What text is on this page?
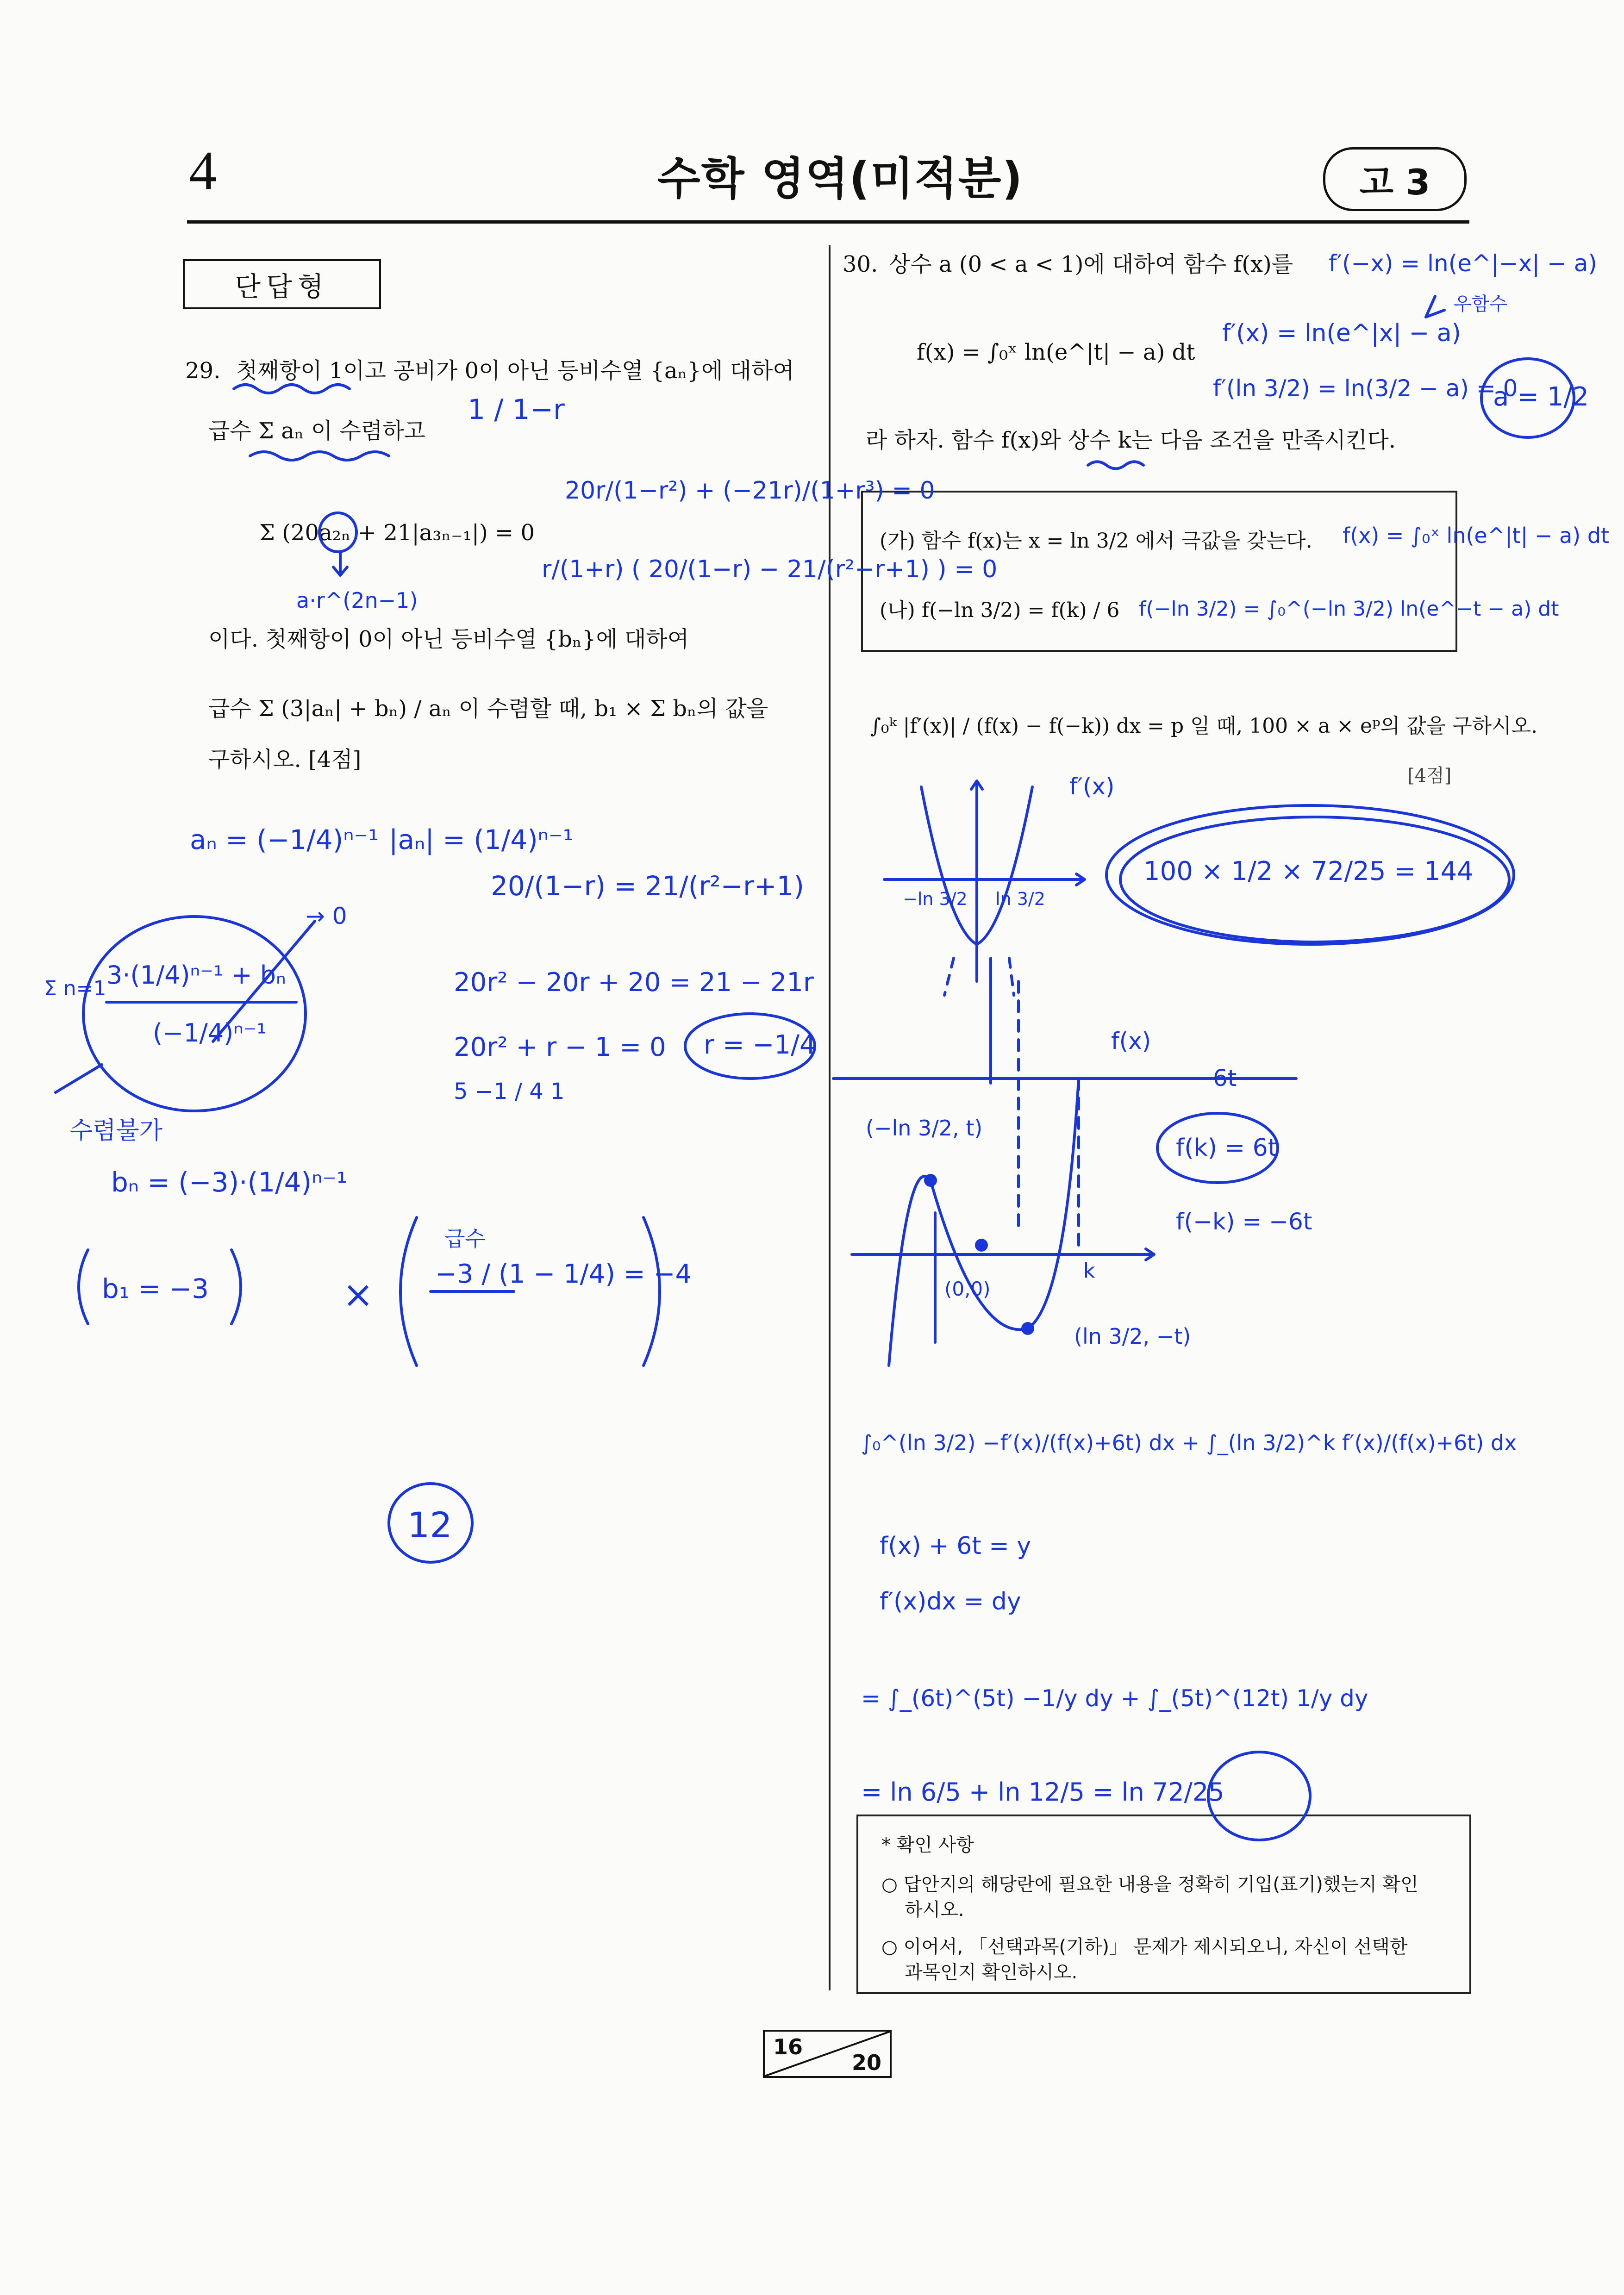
4	수학 영역(미적분)	고 3
단답형
29. 첫째항이 1이고 공비가 0이 아닌 등비수열 {aₙ}에 대하여
급수 Σ aₙ 이 수렴하고
Σ (20a₂ₙ + 21|a₃ₙ₋₁|) = 0
이다. 첫째항이 0이 아닌 등비수열 {bₙ}에 대하여
급수 Σ (3|aₙ| + bₙ) / aₙ 이 수렴할 때, b₁ × Σ bₙ의 값을
구하시오. [4점]
30. 상수 a (0 < a < 1)에 대하여 함수 f(x)를
f(x) = ∫₀ˣ ln(e^|t| − a) dt
라 하자. 함수 f(x)와 상수 k는 다음 조건을 만족시킨다.
(가) 함수 f(x)는 x = ln 3/2 에서 극값을 갖는다.
(나) f(−ln 3/2) = f(k) / 6
∫₀ᵏ |f′(x)| / (f(x) − f(−k)) dx = p 일 때, 100 × a × eᵖ의 값을 구하시오.
[4점]
* 확인 사항
○ 답안지의 해당란에 필요한 내용을 정확히 기입(표기)했는지 확인
하시오.
○ 이어서, 「선택과목(기하)」 문제가 제시되오니, 자신이 선택한
과목인지 확인하시오.
16
20
1 / 1−r
20r/(1−r²) + (−21r)/(1+r³) = 0
r/(1+r) ( 20/(1−r) − 21/(r²−r+1) ) = 0
a·r^(2n−1)
aₙ = (−1/4)ⁿ⁻¹ |aₙ| = (1/4)ⁿ⁻¹
20/(1−r) = 21/(r²−r+1)
20r² − 20r + 20 = 21 − 21r
20r² + r − 1 = 0
5 −1 / 4 1
r = −1/4
3·(1/4)ⁿ⁻¹ + bₙ
(−1/4)ⁿ⁻¹
Σ n=1
→ 0
수렴불가
bₙ = (−3)·(1/4)ⁿ⁻¹
b₁ = −3	×
급수
−3 / (1 − 1/4) = −4
12
f′(−x) = ln(e^|−x| − a)
우함수
f′(x) = ln(e^|x| − a)
f′(ln 3/2) = ln(3/2 − a) = 0
a = 1/2
f(x) = ∫₀ˣ ln(e^|t| − a) dt
f(−ln 3/2) = ∫₀^(−ln 3/2) ln(e^−t − a) dt
f′(x)
−ln 3/2 ln 3/2
100 × 1/2 × 72/25 = 144
f(x)
6t
f(k) = 6t
f(−k) = −6t
(−ln 3/2, t)
(0,0)
k
(ln 3/2, −t)
∫₀^(ln 3/2) −f′(x)/(f(x)+6t) dx + ∫_(ln 3/2)^k f′(x)/(f(x)+6t) dx
f(x) + 6t = y
f′(x)dx = dy
= ∫_(6t)^(5t) −1/y dy + ∫_(5t)^(12t) 1/y dy
= ln 6/5 + ln 12/5 = ln 72/25
